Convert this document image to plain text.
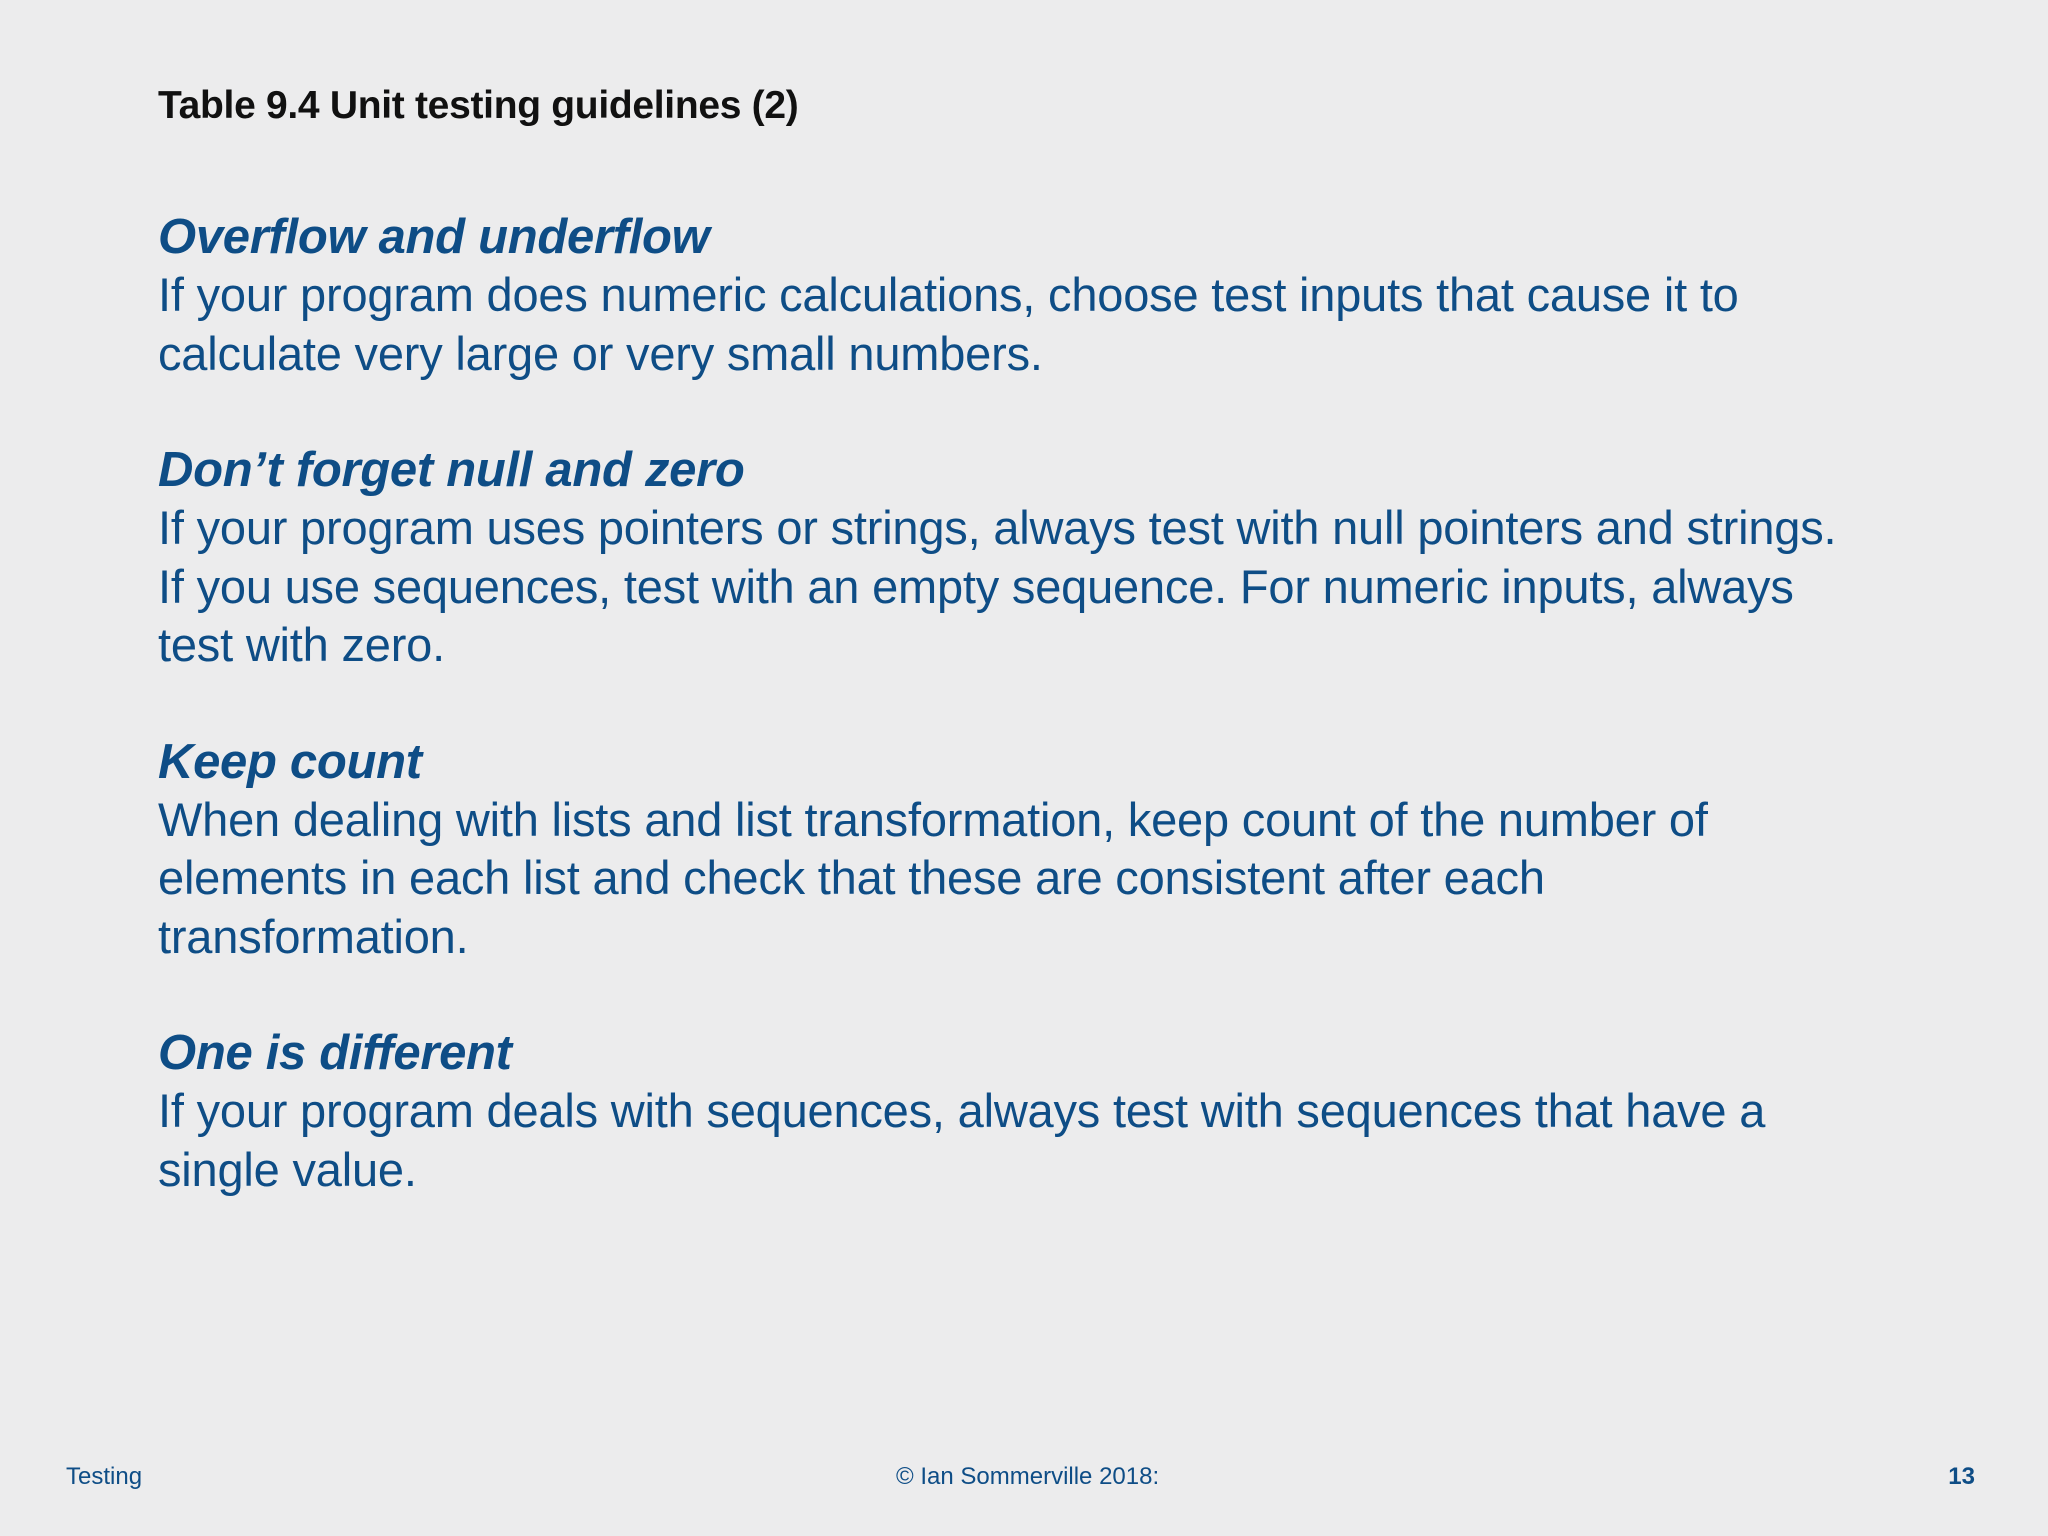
Table 9.4 Unit testing guidelines (2)
Overflow and underflow

If your program does numeric calculations, choose test inputs that cause it to
calculate very large or very small numbers.

Don’t forget null and zero

If your program uses pointers or strings, always test with null pointers and strings.
If you use sequences, test with an empty sequence. For numeric inputs, always
test with zero.

Keep count

When dealing with lists and list transformation, keep count of the number of
elements in each list and check that these are consistent after each
transformation.

One is different

If your program deals with sequences, always test with sequences that have a
single value.

Testing	© Ian Sommerville 2018:	13
